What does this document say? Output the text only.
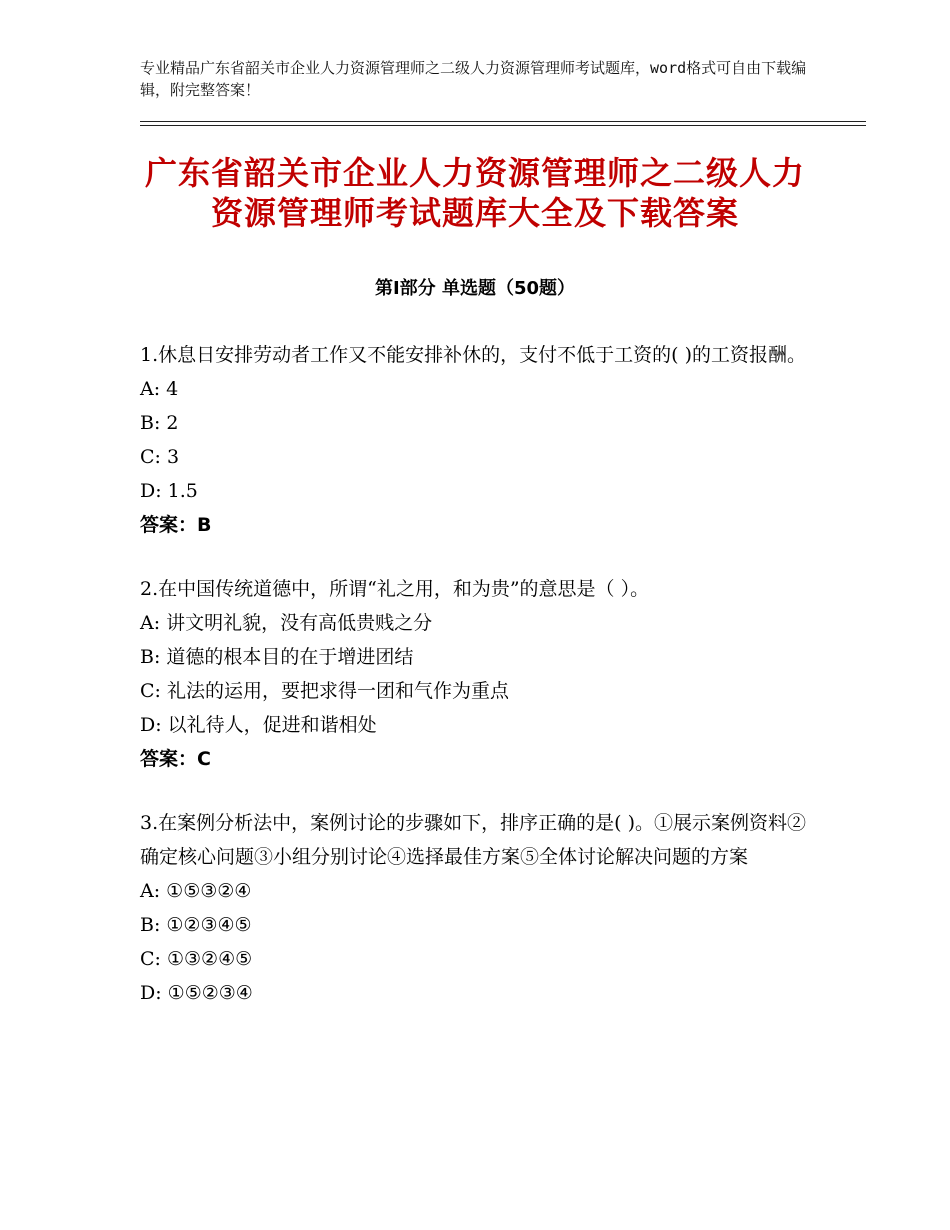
专业精品广东省韶关市企业人力资源管理师之二级人力资源管理师考试题库，word格式可自由下载编辑，附完整答案！
广东省韶关市企业人力资源管理师之二级人力资源管理师考试题库大全及下载答案
第Ⅰ部分 单选题（50题）

1.休息日安排劳动者工作又不能安排补休的，支付不低于工资的( )的工资报酬。

A: 4

B: 2

C: 3

D: 1.5

答案：B

2.在中国传统道德中，所谓“礼之用，和为贵”的意思是（ ）。

A: 讲文明礼貌，没有高低贵贱之分

B: 道德的根本目的在于增进团结

C: 礼法的运用，要把求得一团和气作为重点

D: 以礼待人，促进和谐相处

答案：C

3.在案例分析法中，案例讨论的步骤如下，排序正确的是( )。①展示案例资料②确定核心问题③小组分别讨论④选择最佳方案⑤全体讨论解决问题的方案

A: ①⑤③②④

B: ①②③④⑤

C: ①③②④⑤

D: ①⑤②③④
